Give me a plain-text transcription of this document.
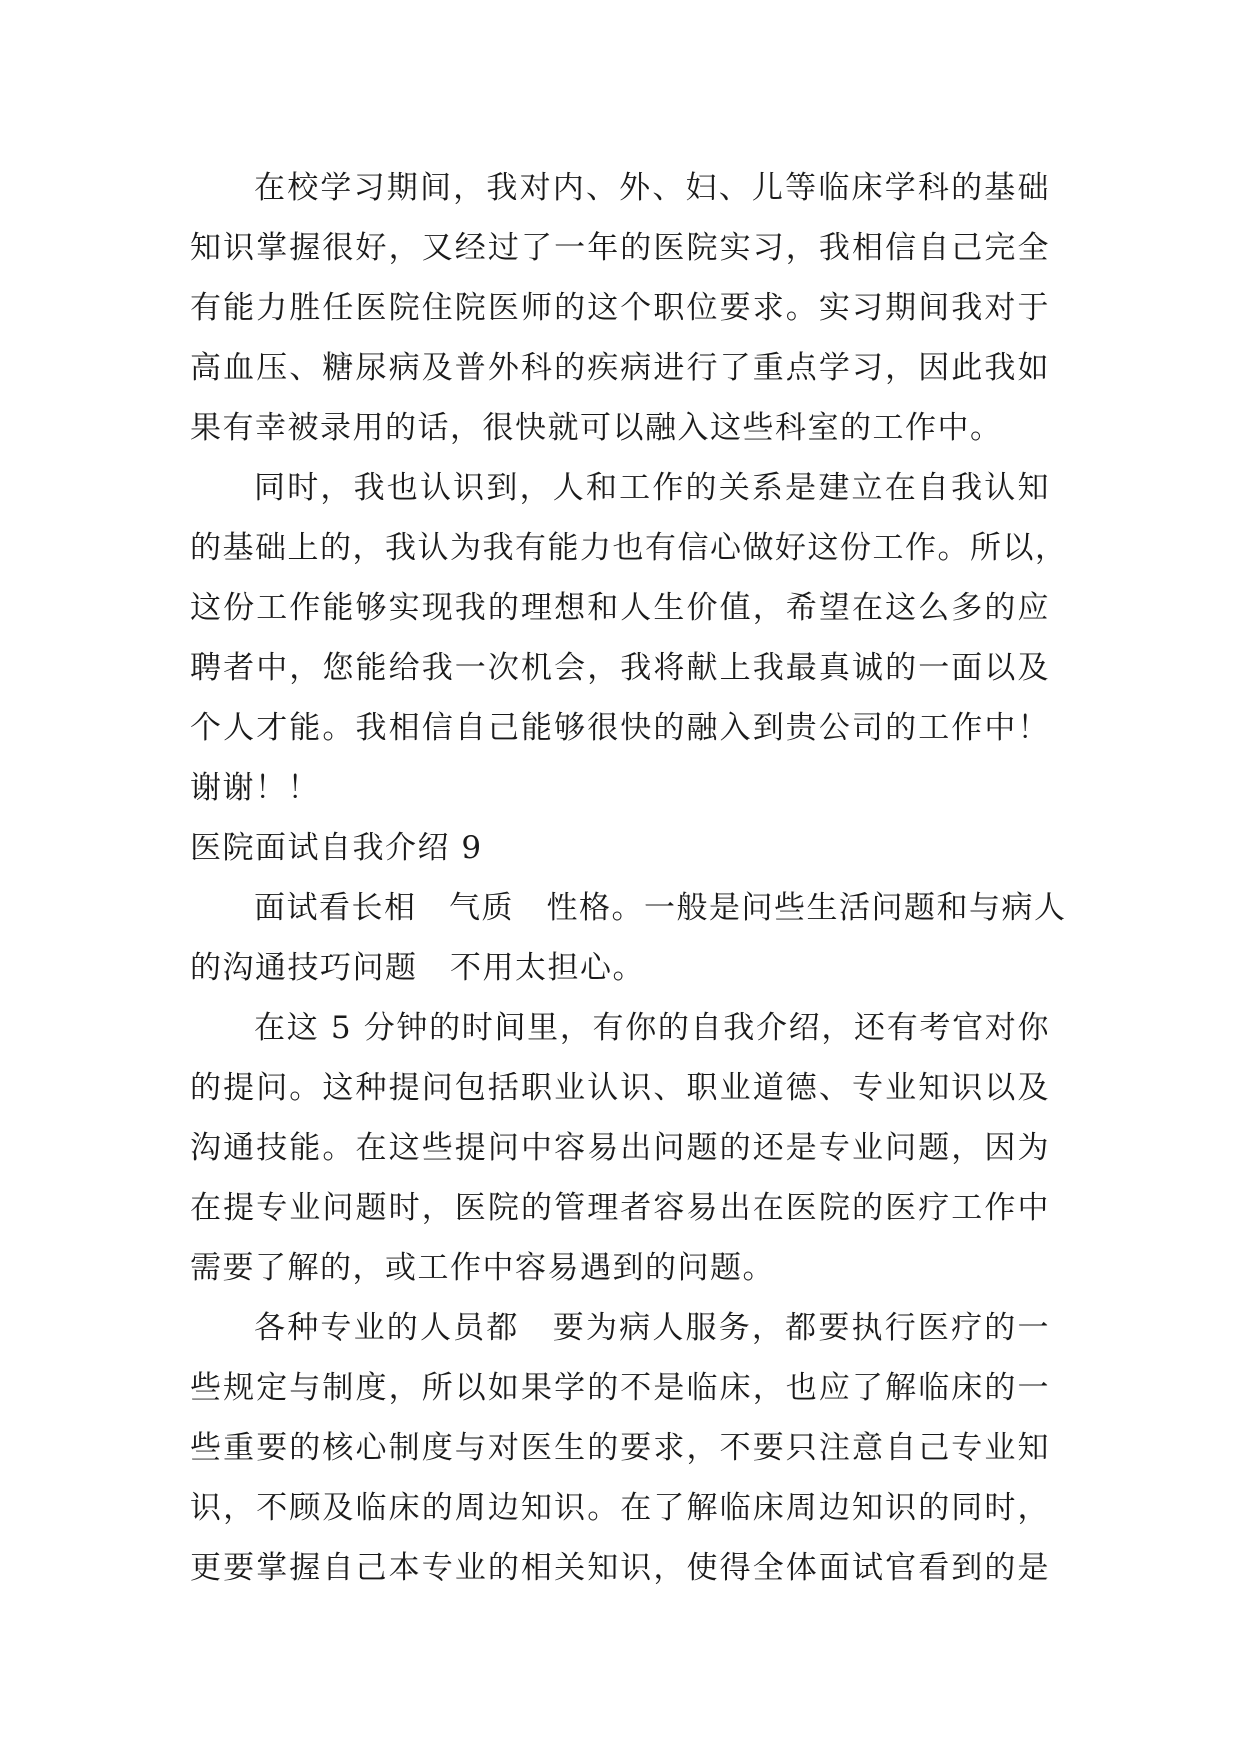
在校学习期间，我对内、外、妇、儿等临床学科的基础
知识掌握很好，又经过了一年的医院实习，我相信自己完全
有能力胜任医院住院医师的这个职位要求。实习期间我对于
高血压、糖尿病及普外科的疾病进行了重点学习，因此我如
果有幸被录用的话，很快就可以融入这些科室的工作中。
同时，我也认识到，人和工作的关系是建立在自我认知
的基础上的，我认为我有能力也有信心做好这份工作。所以，
这份工作能够实现我的理想和人生价值，希望在这么多的应
聘者中，您能给我一次机会，我将献上我最真诚的一面以及
个人才能。我相信自己能够很快的融入到贵公司的工作中！
谢谢！！
医院面试自我介绍 9
面试看长相　气质　性格。一般是问些生活问题和与病人
的沟通技巧问题　不用太担心。
在这 5 分钟的时间里，有你的自我介绍，还有考官对你
的提问。这种提问包括职业认识、职业道德、专业知识以及
沟通技能。在这些提问中容易出问题的还是专业问题，因为
在提专业问题时，医院的管理者容易出在医院的医疗工作中
需要了解的，或工作中容易遇到的问题。
各种专业的人员都　要为病人服务，都要执行医疗的一
些规定与制度，所以如果学的不是临床，也应了解临床的一
些重要的核心制度与对医生的要求，不要只注意自己专业知
识，不顾及临床的周边知识。在了解临床周边知识的同时，
更要掌握自己本专业的相关知识，使得全体面试官看到的是
